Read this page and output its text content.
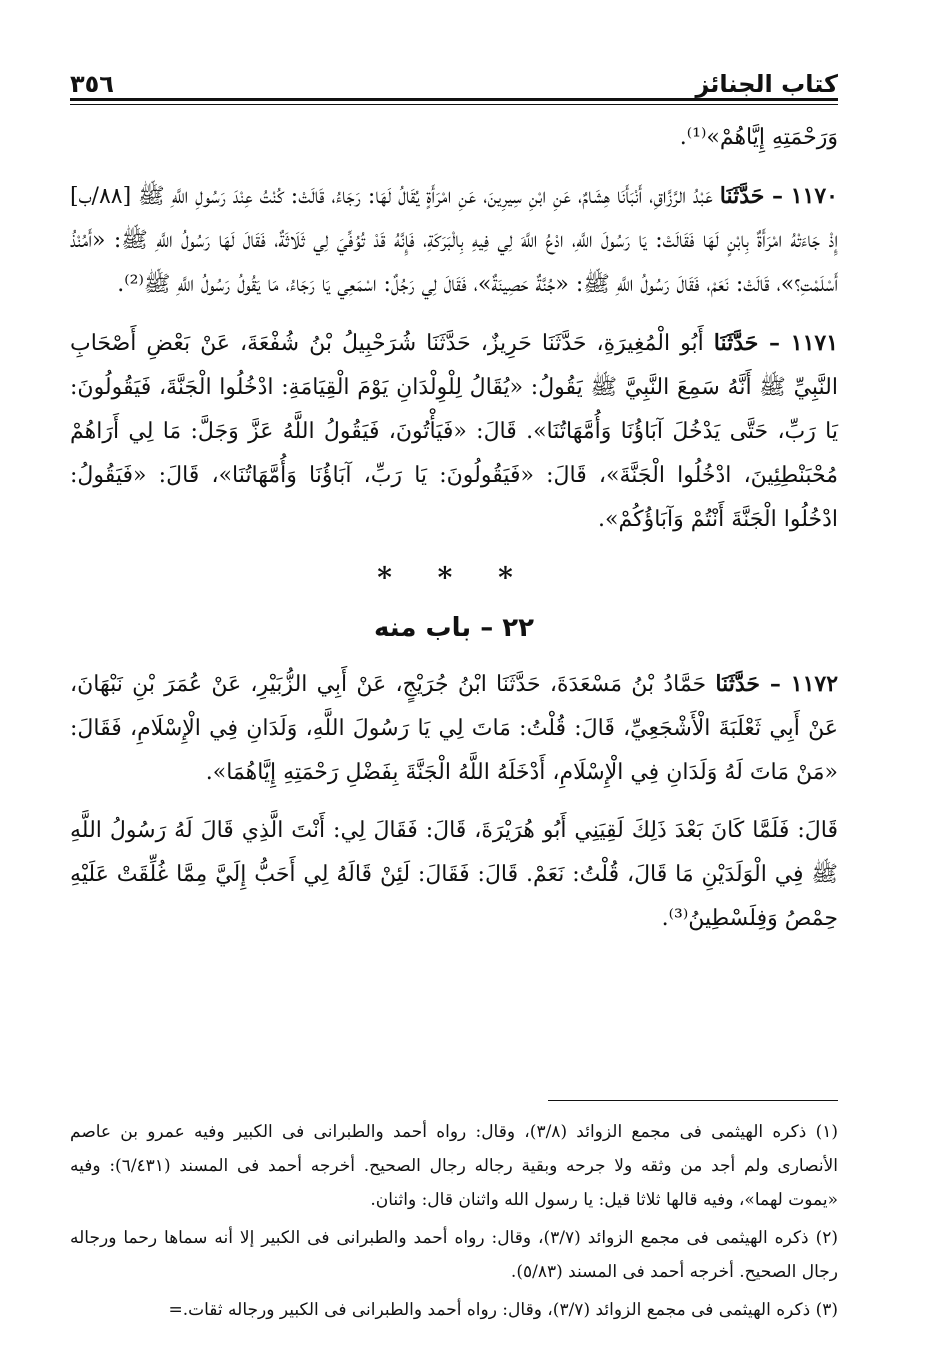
كتاب الجنائز
٣٥٦

وَرَحْمَتِهِ إِيَّاهُمْ»⁽¹⁾.

١١٧٠ – حَدَّثَنَا عَبْدُ الرَّزَّاقِ، أَنْبَأَنَا هِشَامٌ، عَنِ ابْنِ سِيرِينَ، عَنِ امْرَأَةٍ يُقَالُ لَهَا: رَجَاءُ، قَالَتْ: كُنْتُ عِنْدَ رَسُولِ اللَّهِ ﷺ [٨٨/ب] إِذْ جَاءَتْهُ امْرَأَةٌ بِابْنٍ لَهَا فَقَالَتْ: يَا رَسُولَ اللَّهِ، ادْعُ اللَّهَ لِي فِيهِ بِالْبَرَكَةِ، فَإِنَّهُ قَدْ تُوُفِّيَ لِي ثَلَاثَةٌ، فَقَالَ لَهَا رَسُولُ اللَّهِ ﷺ: «أَمُنْذُ أَسْلَمْتِ؟»، قَالَتْ: نَعَمْ، فَقَالَ رَسُولُ اللَّهِ ﷺ: «جُنَّةٌ حَصِينَةٌ»، فَقَالَ لِي رَجُلٌ: اسْمَعِي يَا رَجَاءُ، مَا يَقُولُ رَسُولُ اللَّهِ ﷺ⁽²⁾.

١١٧١ – حَدَّثَنَا أَبُو الْمُغِيرَةِ، حَدَّثَنَا حَرِيزٌ، حَدَّثَنَا شُرَحْبِيلُ بْنُ شُفْعَةَ، عَنْ بَعْضِ أَصْحَابِ النَّبِيِّ ﷺ أَنَّهُ سَمِعَ النَّبِيَّ ﷺ يَقُولُ: «يُقَالُ لِلْوِلْدَانِ يَوْمَ الْقِيَامَةِ: ادْخُلُوا الْجَنَّةَ، فَيَقُولُونَ: يَا رَبِّ، حَتَّى يَدْخُلَ آبَاؤُنَا وَأُمَّهَاتُنَا». قَالَ: «فَيَأْتُونَ، فَيَقُولُ اللَّهُ عَزَّ وَجَلَّ: مَا لِي أَرَاهُمْ مُحْبَنْطِئِينَ، ادْخُلُوا الْجَنَّةَ»، قَالَ: «فَيَقُولُونَ: يَا رَبِّ، آبَاؤُنَا وَأُمَّهَاتُنَا»، قَالَ: «فَيَقُولُ: ادْخُلُوا الْجَنَّةَ أَنْتُمْ وَآبَاؤُكُمْ».

* * *
٢٢ – باب منه

١١٧٢ – حَدَّثَنَا حَمَّادُ بْنُ مَسْعَدَةَ، حَدَّثَنَا ابْنُ جُرَيْجٍ، عَنْ أَبِي الزُّبَيْرِ، عَنْ عُمَرَ بْنِ نَبْهَانَ، عَنْ أَبِي ثَعْلَبَةَ الْأَشْجَعِيِّ، قَالَ: قُلْتُ: مَاتَ لِي يَا رَسُولَ اللَّهِ، وَلَدَانِ فِي الْإِسْلَامِ، فَقَالَ: «مَنْ مَاتَ لَهُ وَلَدَانِ فِي الْإِسْلَامِ، أَدْخَلَهُ اللَّهُ الْجَنَّةَ بِفَضْلِ رَحْمَتِهِ إِيَّاهُمَا».

قَالَ: فَلَمَّا كَانَ بَعْدَ ذَلِكَ لَقِيَنِي أَبُو هُرَيْرَةَ، قَالَ: فَقَالَ لِي: أَنْتَ الَّذِي قَالَ لَهُ رَسُولُ اللَّهِ ﷺ فِي الْوَلَدَيْنِ مَا قَالَ، قُلْتُ: نَعَمْ. قَالَ: فَقَالَ: لَئِنْ قَالَهُ لِي أَحَبُّ إِلَيَّ مِمَّا غُلِّقَتْ عَلَيْهِ حِمْصُ وَفِلَسْطِينُ⁽³⁾.

(١) ذكره الهيثمى فى مجمع الزوائد (٣/٨)، وقال: رواه أحمد والطبرانى فى الكبير وفيه عمرو بن عاصم الأنصارى ولم أجد من وثقه ولا جرحه وبقية رجاله رجال الصحيح. أخرجه أحمد فى المسند (٦/٤٣١): وفيه «يموت لهما»، وفيه قالها ثلاثا قيل: يا رسول الله واثنان قال: واثنان.

(٢) ذكره الهيثمى فى مجمع الزوائد (٣/٧)، وقال: رواه أحمد والطبرانى فى الكبير إلا أنه سماها رحما ورجاله رجال الصحيح. أخرجه أحمد فى المسند (٥/٨٣).

(٣) ذكره الهيثمى فى مجمع الزوائد (٣/٧)، وقال: رواه أحمد والطبرانى فى الكبير ورجاله ثقات.=
